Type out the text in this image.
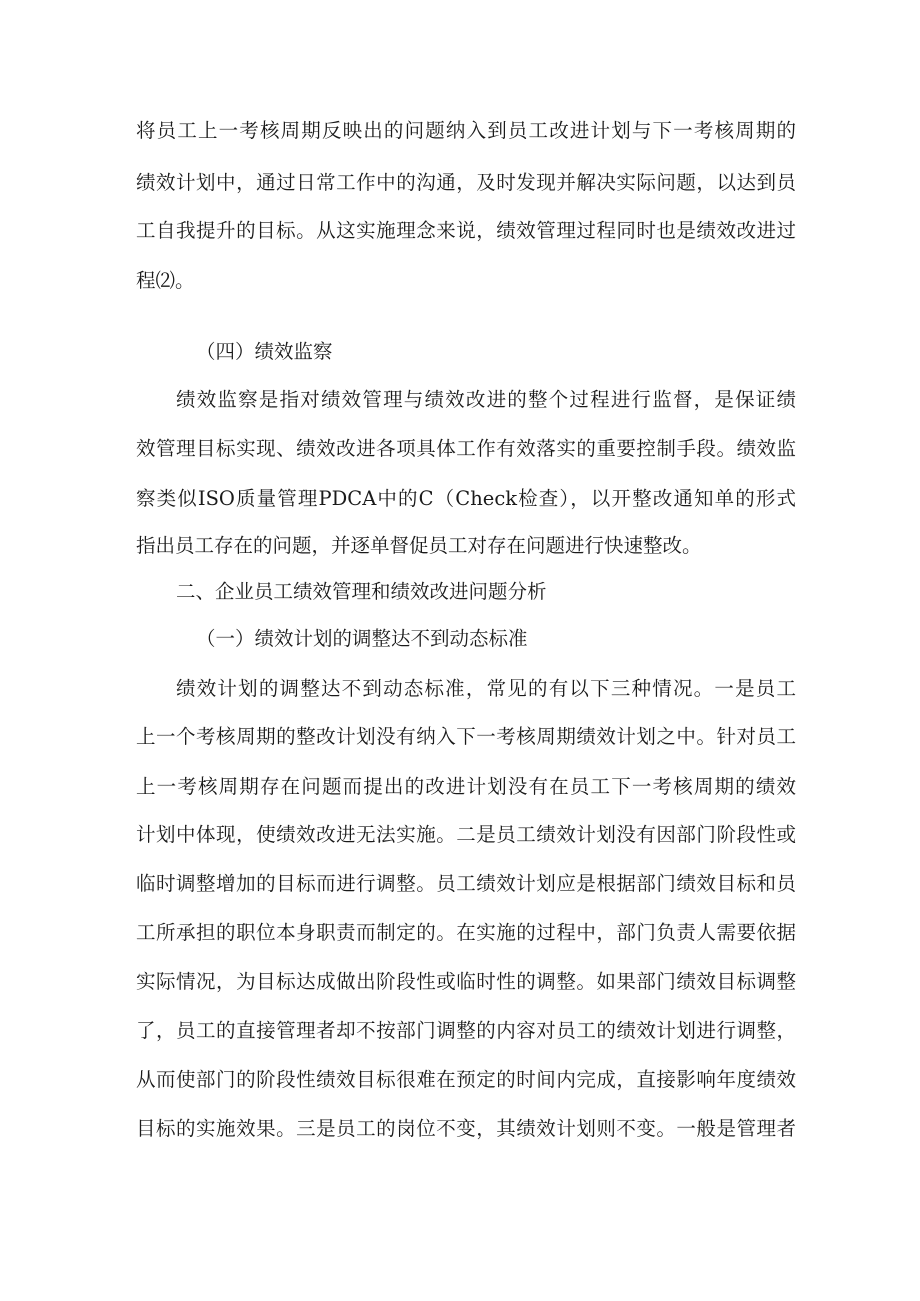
将员工上一考核周期反映出的问题纳入到员工改进计划与下一考核周期的
绩效计划中，通过日常工作中的沟通，及时发现并解决实际问题，以达到员
工自我提升的目标。从这实施理念来说，绩效管理过程同时也是绩效改进过
程⑵。
（四）绩效监察
绩效监察是指对绩效管理与绩效改进的整个过程进行监督，是保证绩
效管理目标实现、绩效改进各项具体工作有效落实的重要控制手段。绩效监
察类似ISO质量管理PDCA中的C（Check检查），以开整改通知单的形式
指出员工存在的问题，并逐单督促员工对存在问题进行快速整改。
二、企业员工绩效管理和绩效改进问题分析
（一）绩效计划的调整达不到动态标准
绩效计划的调整达不到动态标准，常见的有以下三种情况。一是员工
上一个考核周期的整改计划没有纳入下一考核周期绩效计划之中。针对员工
上一考核周期存在问题而提出的改进计划没有在员工下一考核周期的绩效
计划中体现，使绩效改进无法实施。二是员工绩效计划没有因部门阶段性或
临时调整增加的目标而进行调整。员工绩效计划应是根据部门绩效目标和员
工所承担的职位本身职责而制定的。在实施的过程中，部门负责人需要依据
实际情况，为目标达成做出阶段性或临时性的调整。如果部门绩效目标调整
了，员工的直接管理者却不按部门调整的内容对员工的绩效计划进行调整，
从而使部门的阶段性绩效目标很难在预定的时间内完成，直接影响年度绩效
目标的实施效果。三是员工的岗位不变，其绩效计划则不变。一般是管理者
